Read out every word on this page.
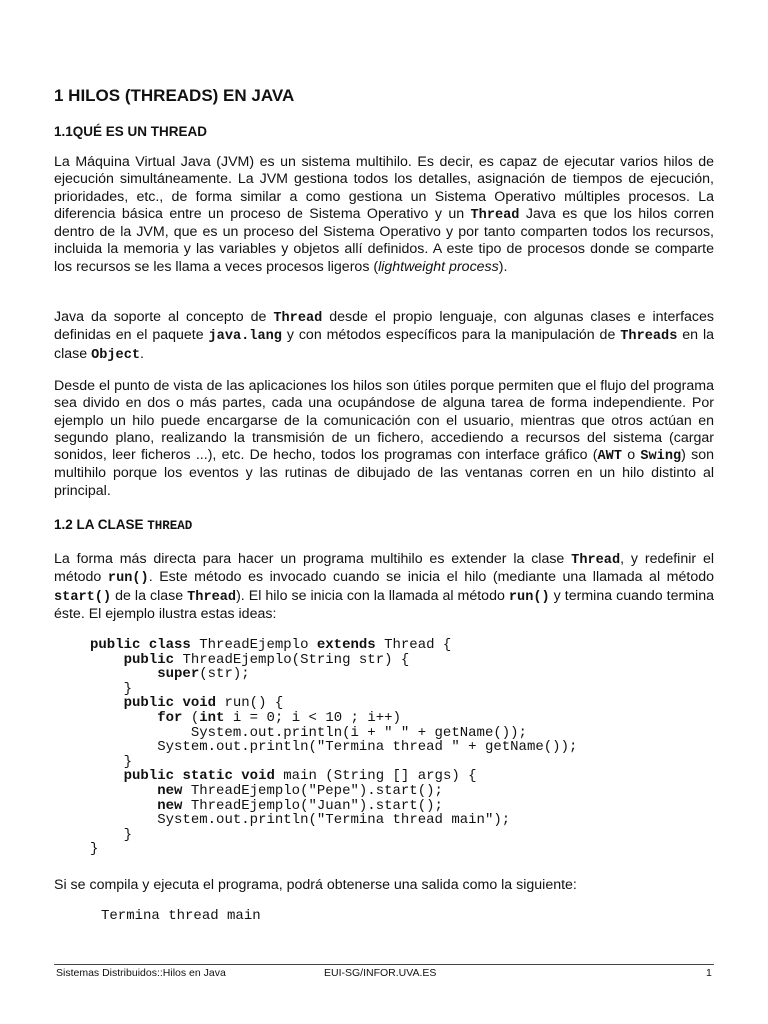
1 HILOS (THREADS) EN JAVA
1.1QUÉ ES UN THREAD

La Máquina Virtual Java (JVM) es un sistema multihilo. Es decir, es capaz de ejecutar varios hilos de ejecución simultáneamente. La JVM gestiona todos los detalles, asignación de tiempos de ejecución, prioridades, etc., de forma similar a como gestiona un Sistema Operativo múltiples procesos. La diferencia básica entre un proceso de Sistema Operativo y un Thread Java es que los hilos corren dentro de la JVM, que es un proceso del Sistema Operativo y por tanto comparten todos los recursos, incluida la memoria y las variables y objetos allí definidos. A este tipo de procesos donde se comparte los recursos se les llama a veces procesos ligeros (lightweight process).

Java da soporte al concepto de Thread desde el propio lenguaje, con algunas clases e interfaces definidas en el paquete java.lang y con métodos específicos para la manipulación de Threads en la clase Object.

Desde el punto de vista de las aplicaciones los hilos son útiles porque permiten que el flujo del programa sea divido en dos o más partes, cada una ocupándose de alguna tarea de forma independiente. Por ejemplo un hilo puede encargarse de la comunicación con el usuario, mientras que otros actúan en segundo plano, realizando la transmisión de un fichero, accediendo a recursos del sistema (cargar sonidos, leer ficheros ...), etc. De hecho, todos los programas con interface gráfico (AWT o Swing) son multihilo porque los eventos y las rutinas de dibujado de las ventanas corren en un hilo distinto al principal.

1.2 LA CLASE THREAD

La forma más directa para hacer un programa multihilo es extender la clase Thread, y redefinir el método run(). Este método es invocado cuando se inicia el hilo (mediante una llamada al método start() de la clase Thread). El hilo se inicia con la llamada al método run() y termina cuando termina éste. El ejemplo ilustra estas ideas:

public class ThreadEjemplo extends Thread {
public ThreadEjemplo(String str) {
super(str);
}
public void run() {
for (int i = 0; i < 10 ; i++)
System.out.println(i + " " + getName());
System.out.println("Termina thread " + getName());
}
public static void main (String [] args) {
new ThreadEjemplo("Pepe").start();
new ThreadEjemplo("Juan").start();
System.out.println("Termina thread main");
}
}

Si se compila y ejecuta el programa, podrá obtenerse una salida como la siguiente:

Termina thread main
Sistemas Distribuidos::Hilos en Java	EUI-SG/INFOR.UVA.ES	1
